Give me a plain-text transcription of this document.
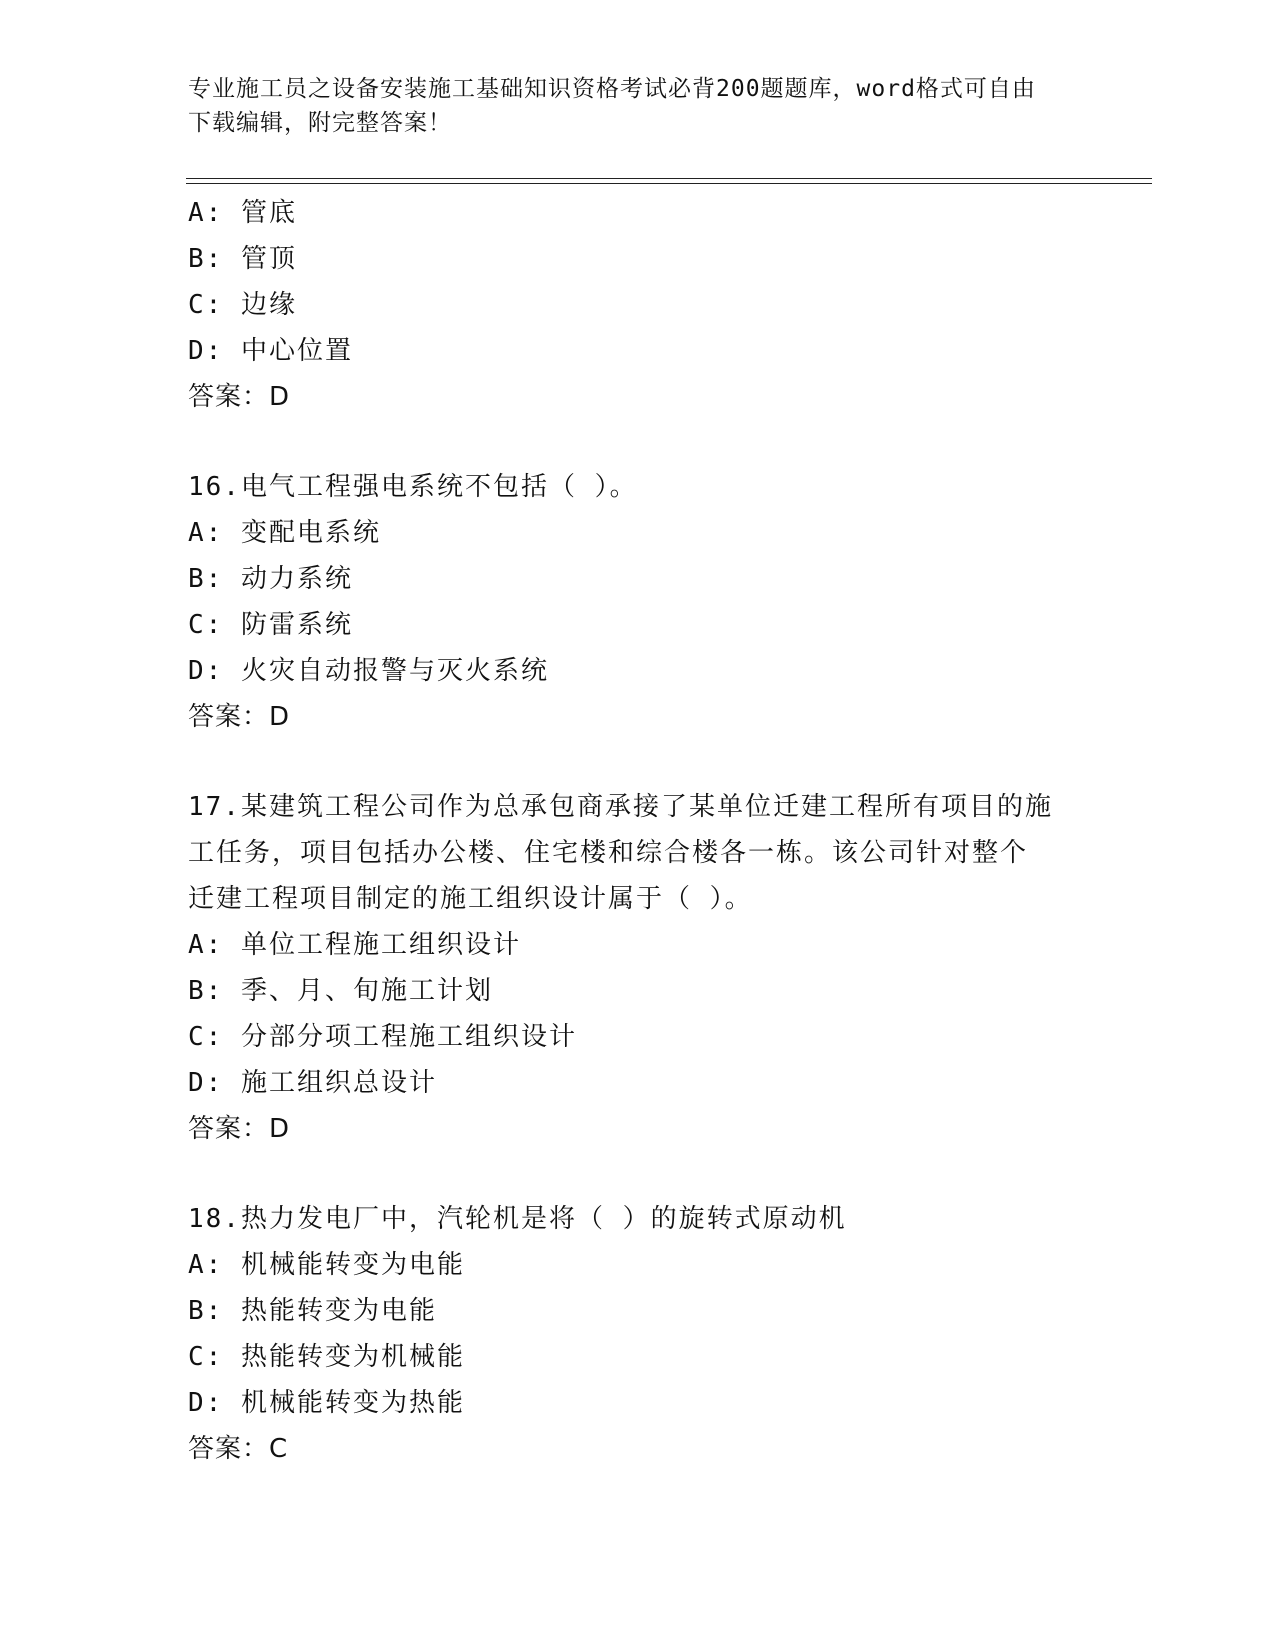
专业施工员之设备安装施工基础知识资格考试必背200题题库，word格式可自由
下载编辑，附完整答案！
A: 管底
B: 管顶
C: 边缘
D: 中心位置
答案：D
16.电气工程强电系统不包括（ ）。
A: 变配电系统
B: 动力系统
C: 防雷系统
D: 火灾自动报警与灭火系统
答案：D
17.某建筑工程公司作为总承包商承接了某单位迁建工程所有项目的施
工任务，项目包括办公楼、住宅楼和综合楼各一栋。该公司针对整个
迁建工程项目制定的施工组织设计属于（ ）。
A: 单位工程施工组织设计
B: 季、月、旬施工计划
C: 分部分项工程施工组织设计
D: 施工组织总设计
答案：D
18.热力发电厂中，汽轮机是将（ ）的旋转式原动机
A: 机械能转变为电能
B: 热能转变为电能
C: 热能转变为机械能
D: 机械能转变为热能
答案：C
